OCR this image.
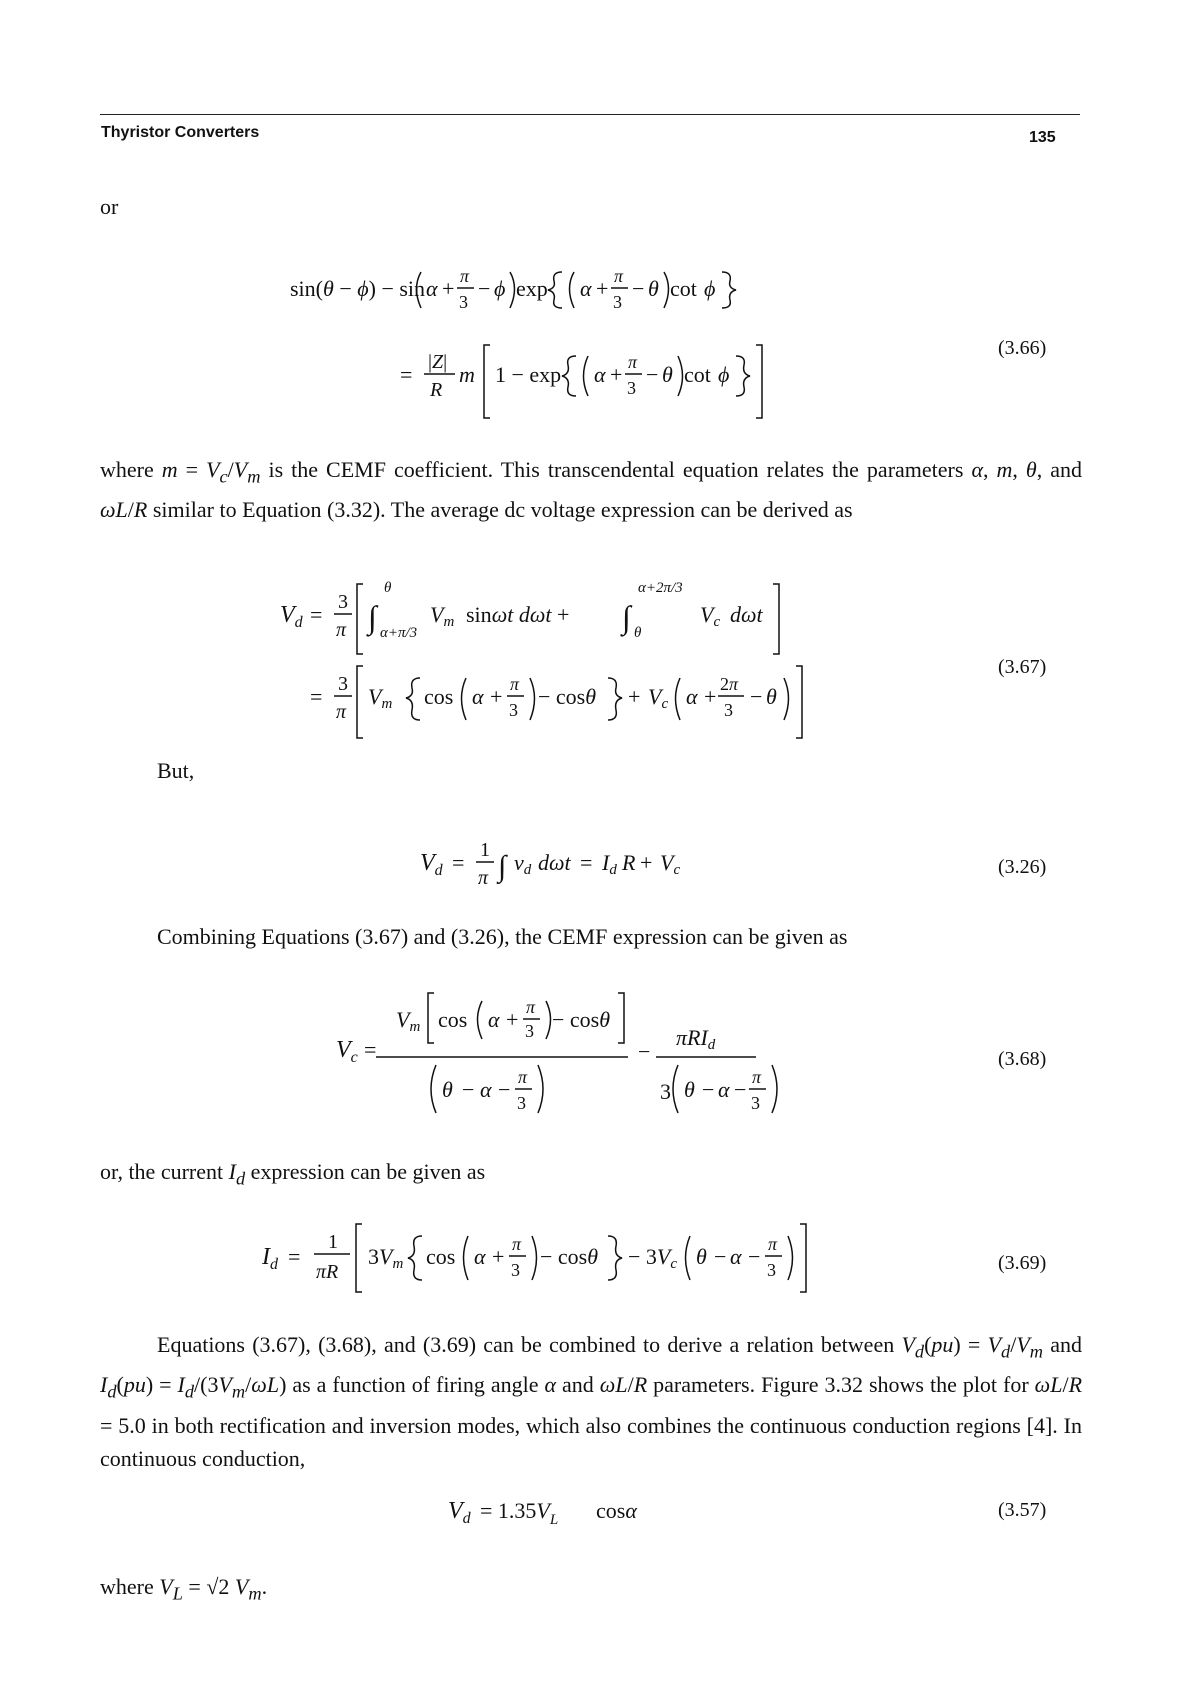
Thyristor Converters	135

or

sin(θ − ϕ) − sin α + π
3
− ϕ exp α + π
3
− θ cot ϕ
= |Z|
R
m 1 − exp α + π
3
− θ cot ϕ
(3.66)

where $m = V_c/V_m$ is the CEMF coefficient. This transcendental equation relates the parameters α, m, θ, and ωL/R similar to Equation (3.32). The average dc voltage expression can be derived as

$V_d = 3$
π ∫
θ
α+π/3
Vm sinωt dωt + ∫
α+2π/3
θ
Vc dωt
= 3
π
Vm cos α + π
3
− cosθ + Vc α + 2π
3
− θ
(3.67)

But,

$V_d = 1$
π ∫ vd dωt = Id R + Vc	(3.26)

Combining Equations (3.67) and (3.26), the CEMF expression can be given as

$V_c$ =
Vm cos α + π
3 − cosθ
θ − α − π
3
−
πRId
3 θ − α − π
3
(3.68)

or, the current $I_d$ expression can be given as

$I_d$ =
1
πR
3Vm cos α + π
3
− cosθ − 3Vc θ − α − π
3	(3.69)

Equations (3.67), (3.68), and (3.69) can be combined to derive a relation between $V_d(pu) = V_d/V_m$ and $I_d(pu) = I_d/(3V_m/\omega L)$ as a function of firing angle α and ωL/R parameters. Figure 3.32 shows the plot for ωL/R = 5.0 in both rectification and inversion modes, which also combines the continuous conduction regions [4]. In continuous conduction,

$V_d = 1.35V_L$ cosα	(3.57)

where $V_L = √2$ $V_m$.
